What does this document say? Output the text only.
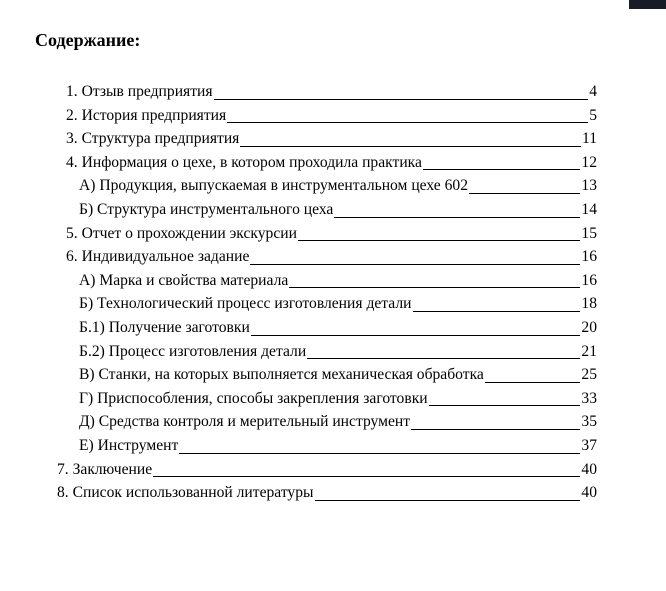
Содержание:
1. Отзыв предприятия	4
2. История предприятия	5
3. Структура предприятия	11
4. Информация о цехе, в котором проходила практика	12
А) Продукция, выпускаемая в инструментальном цехе 602	13
Б) Структура инструментального цеха	14
5. Отчет о прохождении экскурсии	15
6. Индивидуальное задание	16
А) Марка и свойства материала	16
Б) Технологический процесс изготовления детали	18
Б.1) Получение заготовки	20
Б.2) Процесс изготовления детали	21
В) Станки, на которых выполняется механическая обработка	25
Г) Приспособления, способы закрепления заготовки	33
Д) Средства контроля и мерительный инструмент	35
Е) Инструмент	37
7. Заключение	40
8. Список использованной литературы	40
